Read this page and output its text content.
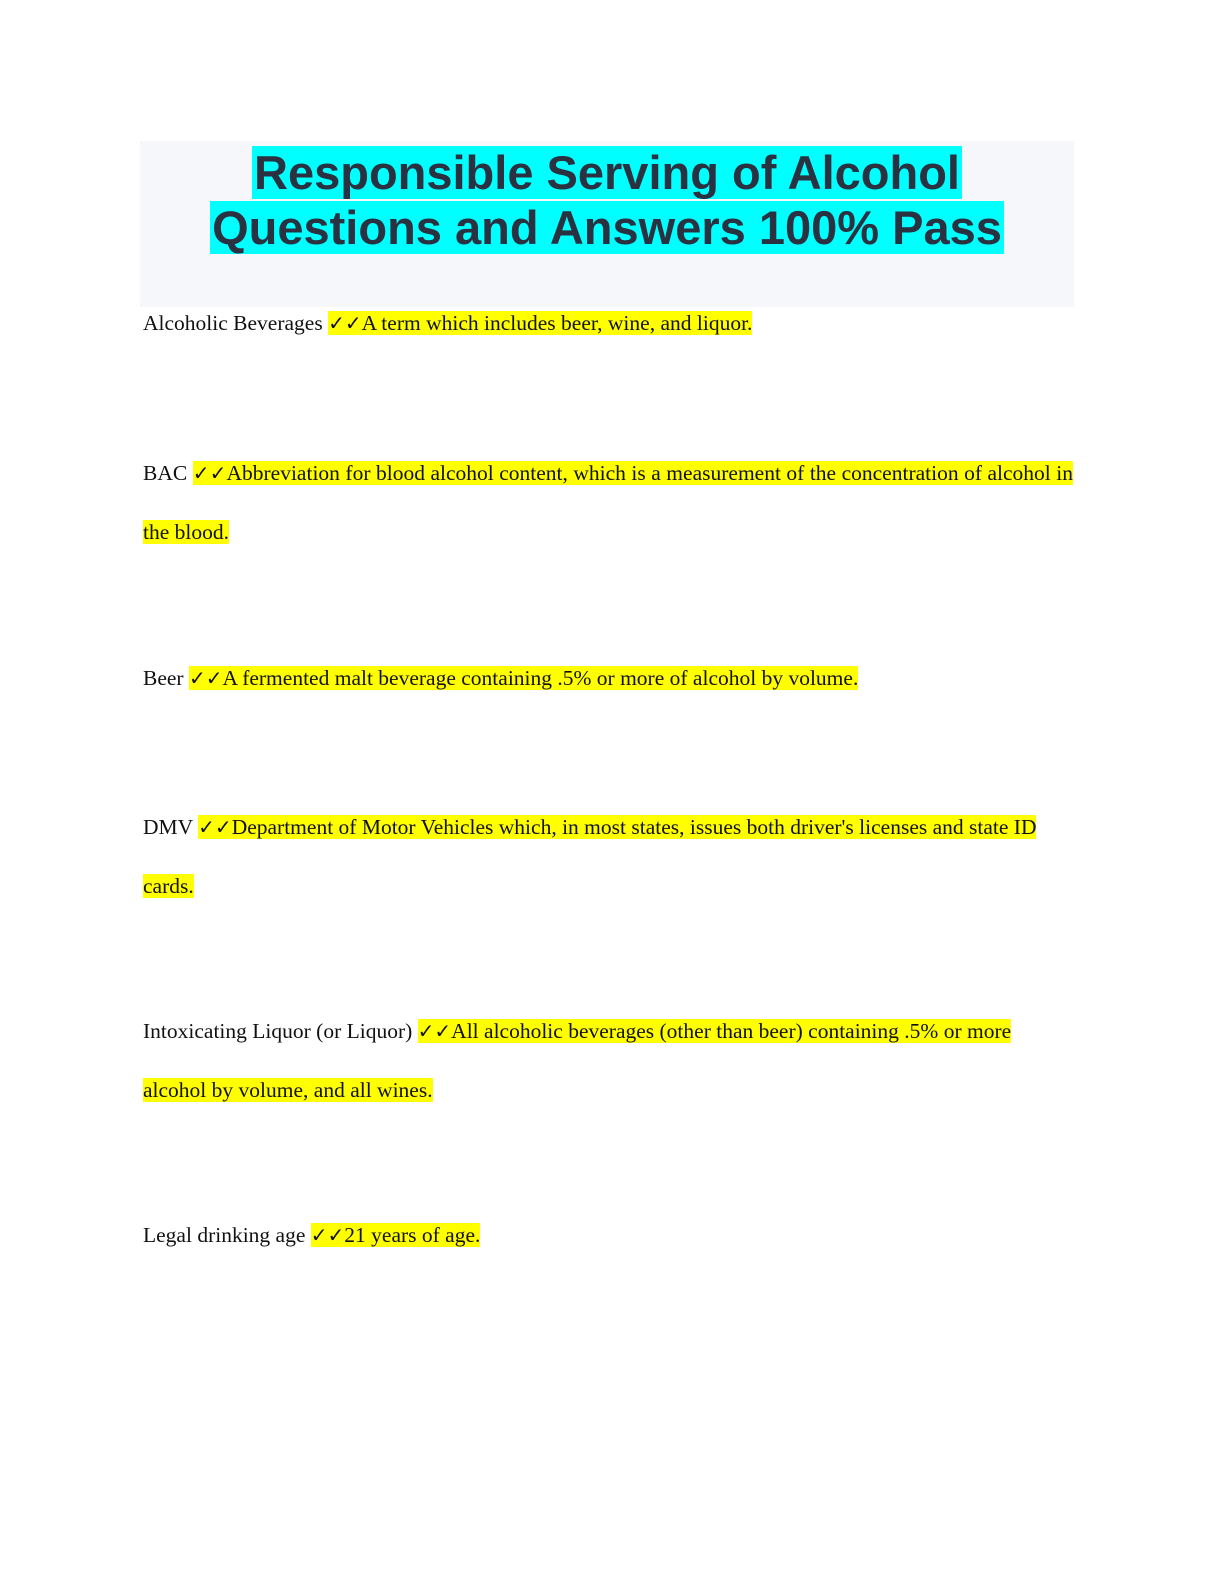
Responsible Serving of Alcohol
Questions and Answers 100% Pass

Alcoholic Beverages ✓✓A term which includes beer, wine, and liquor.

BAC ✓✓Abbreviation for blood alcohol content, which is a measurement of the concentration of alcohol in the blood.

Beer ✓✓A fermented malt beverage containing .5% or more of alcohol by volume.

DMV ✓✓Department of Motor Vehicles which, in most states, issues both driver's licenses and state ID cards.

Intoxicating Liquor (or Liquor) ✓✓All alcoholic beverages (other than beer) containing .5% or more alcohol by volume, and all wines.

Legal drinking age ✓✓21 years of age.
